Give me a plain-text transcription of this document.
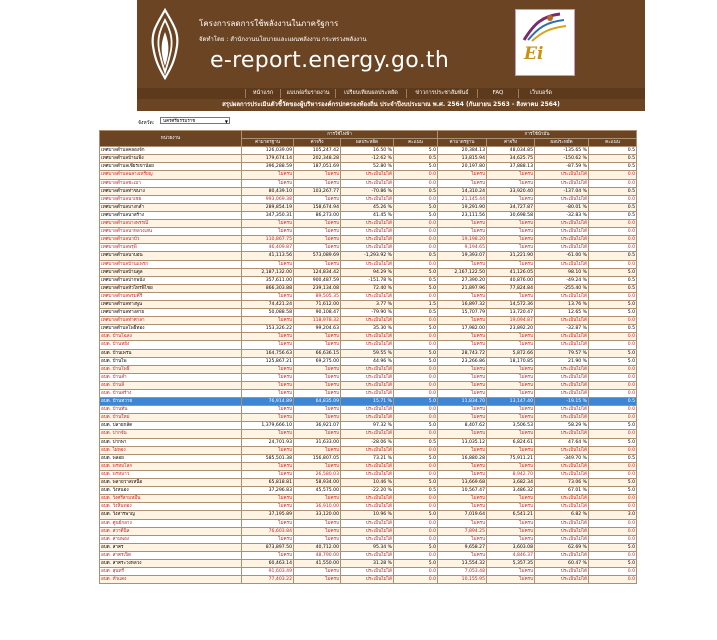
โครงการลดการใช้พลังงานในภาครัฐการ
จัดทำโดย : สำนักงานนโยบายและแผนพลังงาน กระทรวงพลังงาน
e-report.energy.go.th	Ei
หน้าแรก	แบบฟอร์มรายงาน	เปรียบเทียบผลประหยัด	ข่าวการประชาสัมพันธ์	FAQ	เว็บบอร์ด
สรุปผลการประเมินตัวชี้วัดของผู้บริหารองค์กรปกครองท้องถิ่น ประจำปีงบประมาณ พ.ศ. 2564 (กันยายน 2563 - สิงหาคม 2564)
จังหวัด:	นครศรีธรรมราช	▼
หน่วยงาน	การใช้ไฟฟ้า				การใช้น้ำมัน			
	ค่ามาตรฐาน	ค่าจริง	ผลประหยัด	คะแนน	ค่ามาตรฐาน	ค่าจริง	ผลประหยัด	คะแนน
เทศบาลตำบลคลองจัก	126,039.09	105,247.42	16.50 %	5.0	20,384.13	48,034.85	-135.65 %	0.5
เทศบาลตำบลบ้านเพิ่ง	179,674.14	202,348.28	-12.62 %	0.5	13,815.94	34,625.75	-150.62 %	0.5
เทศบาลตำบลเชียรเขาน้อย	396,288.59	187,051.69	52.80 %	5.0	20,197.80	37,888.13	-87.59 %	0.5
เทศบาลตำบลฉลางเหรียญ	ไม่ครบ	ไม่ครบ	ประเมินไม่ได้	0.0	ไม่ครบ	ไม่ครบ	ประเมินไม่ได้	0.0
เทศบาลตำบลชะเมา	ไม่ครบ	ไม่ครบ	ประเมินไม่ได้	0.0	ไม่ครบ	ไม่ครบ	ประเมินไม่ได้	0.0
เทศบาลตำบลท่าขนาง	80,439.10	103,267.77	-70.86 %	0.5	14,310.24	33,920.40	-137.04 %	0.5
เทศบาลตำบลนาเชย	993,069.38	ไม่ครบ	ประเมินไม่ได้	0.0	21,145.44	ไม่ครบ	ประเมินไม่ได้	0.0
เทศบาลตำบลบางกล่ำ	289,854.19	158,674.94	45.26 %	5.0	19,291.90	34,727.87	-80.01 %	0.5
เทศบาลตำบลนาสร้าง	347,350.31	86,273.00	41.45 %	5.0	23,111.56	30,698.58	-32.83 %	0.5
เทศบาลตำบลบางพรรณี	ไม่ครบ	ไม่ครบ	ประเมินไม่ได้	0.0	ไม่ครบ	ไม่ครบ	ประเมินไม่ได้	0.0
เทศบาลตำบลนาหลวงเสน	ไม่ครบ	ไม่ครบ	ประเมินไม่ได้	0.0	ไม่ครบ	ไม่ครบ	ประเมินไม่ได้	0.0
เทศบาลตำบลนาบัว	110,867.75	ไม่ครบ	ประเมินไม่ได้	0.0	19,198.20	ไม่ครบ	ประเมินไม่ได้	0.0
เทศบาลตำบลพรุพี	46,409.87	ไม่ครบ	ประเมินไม่ได้	0.0	9,194.65	ไม่ครบ	ประเมินไม่ได้	0.0
เทศบาลตำบลนาบอน	41,113.56	573,089.69	-1,293.92 %	0.5	19,393.07	31,221.90	-61.00 %	0.5
เทศบาลตำบลบ้านแพรก	ไม่ครบ	ไม่ครบ	ประเมินไม่ได้	0.0	ไม่ครบ	ไม่ครบ	ประเมินไม่ได้	0.0
เทศบาลตำบลบ้านตูล	2,187,132.00	124,834.42	94.29 %	5.0	2,167,122.50	41,126.05	98.10 %	5.0
เทศบาลตำบลปากพนัง	357,611.00	900,487.59	-151.78 %	0.5	27,390.20	40,876.00	-49.24 %	0.5
เทศบาลตำบลหัวไทรพิไชย	866,303.88	239,134.08	72.40 %	5.0	21,897.96	77,824.84	-255.40 %	0.5
เทศบาลตำบลพรมคีรี	ไม่ครบ	89,505.35	ประเมินไม่ได้	0.0	ไม่ครบ	ไม่ครบ	ประเมินไม่ได้	0.0
เทศบาลตำบลทางพูน	74,421.24	71,612.00	3.77 %	1.5	16,897.32	14,572.36	13.76 %	5.0
เทศบาลตำบลทางสาย	50,088.58	90,108.47	-79.90 %	0.5	15,707.79	13,720.47	12.65 %	5.0
เทศบาลตำบลท่าศาลา	ไม่ครบ	118,978.32	ประเมินไม่ได้	0.0	ไม่ครบ	19,094.87	ประเมินไม่ได้	0.0
เทศบาลตำบลโพธิ์ทอง	153,326.22	99,204.63	35.30 %	5.0	17,982.00	23,892.20	-32.87 %	0.5
อบต. บ้านโฉลง	ไม่ครบ	ไม่ครบ	ประเมินไม่ได้	0.0	ไม่ครบ	ไม่ครบ	ประเมินไม่ได้	0.0
อบต. บ้านหยั่ง	ไม่ครบ	ไม่ครบ	ประเมินไม่ได้	0.0	ไม่ครบ	ไม่ครบ	ประเมินไม่ได้	0.0
อบต. บ้านเพรน	164,756.63	66,636.15	59.55 %	5.0	28,743.72	5,872.66	79.57 %	5.0
อบต. บ้านไพ	125,867.21	69,275.00	44.96 %	5.0	23,266.86	18,170.85	21.90 %	5.0
อบต. บ้านโพธิ์	ไม่ครบ	ไม่ครบ	ประเมินไม่ได้	0.0	ไม่ครบ	ไม่ครบ	ประเมินไม่ได้	0.0
อบต. บ้านลำ	ไม่ครบ	ไม่ครบ	ประเมินไม่ได้	0.0	ไม่ครบ	ไม่ครบ	ประเมินไม่ได้	0.0
อบต. บ้านลี	ไม่ครบ	ไม่ครบ	ประเมินไม่ได้	0.0	ไม่ครบ	ไม่ครบ	ประเมินไม่ได้	0.0
อบต. บ้านสร้าง	ไม่ครบ	ไม่ครบ	ประเมินไม่ได้	0.0	ไม่ครบ	ไม่ครบ	ประเมินไม่ได้	0.0
อบต. บ้านทวาย	76,914.89	64,835.09	15.71 %	5.0	11,834.70	13,147.40	-19.15 %	0.5
อบต. บ้านทัน	ไม่ครบ	ไม่ครบ	ประเมินไม่ได้	0.0	ไม่ครบ	ไม่ครบ	ประเมินไม่ได้	0.0
อบต. บ้านใหม่	ไม่ครบ	ไม่ครบ	ประเมินไม่ได้	0.0	ไม่ครบ	ไม่ครบ	ประเมินไม่ได้	0.0
อบต. ปลายกลัด	1,379,666.10	36,921.07	97.32 %	5.0	8,407.62	3,506.53	58.29 %	5.0
อบต. ปากจัน	ไม่ครบ	ไม่ครบ	ประเมินไม่ได้	0.0	ไม่ครบ	ไม่ครบ	ประเมินไม่ได้	0.0
อบต. ปากพา	24,701.93	31,633.00	-28.06 %	0.5	13,035.12	6,824.61	47.64 %	5.0
อบต. ไผ่ทอง	ไม่ครบ	ไม่ครบ	ประเมินไม่ได้	0.0	ไม่ครบ	ไม่ครบ	ประเมินไม่ได้	0.0
อบต. พลอย	585,501.38	156,807.05	73.21 %	5.0	16,880.28	75,911.21	-349.70 %	0.5
อบต. พรหมโลก	ไม่ครบ	ไม่ครบ	ประเมินไม่ได้	0.0	ไม่ครบ	ไม่ครบ	ประเมินไม่ได้	0.0
อบต. พรหมาว	ไม่ครบ	26,580.03	ประเมินไม่ได้	0.0	ไม่ครบ	8,942.70	ประเมินไม่ได้	0.0
อบต. พลายวาสเหนือ	65,818.81	58,934.00	10.46 %	5.0	13,669.68	3,682.34	73.06 %	5.0
อบต. วังหนอง	37,296.83	45,575.00	-22.20 %	0.5	10,567.47	3,486.32	67.01 %	5.0
อบต. วังศรีสามหมื่น	ไม่ครบ	ไม่ครบ	ประเมินไม่ได้	0.0	ไม่ครบ	ไม่ครบ	ประเมินไม่ได้	0.0
อบต. วังหินทอง	ไม่ครบ	36,910.00	ประเมินไม่ได้	0.0	ไม่ครบ	ไม่ครบ	ประเมินไม่ได้	0.0
อบต. วังสารพาญ	37,195.89	33,120.00	10.96 %	5.0	7,019.64	6,541.21	6.82 %	3.0
อบต. ศูนย์กลาง	ไม่ครบ	ไม่ครบ	ประเมินไม่ได้	0.0	ไม่ครบ	ไม่ครบ	ประเมินไม่ได้	0.0
อบต. สวาดีนิล	76,603.84	ไม่ครบ	ประเมินไม่ได้	0.0	7,894.25	ไม่ครบ	ประเมินไม่ได้	0.0
อบต. สามพอง	ไม่ครบ	ไม่ครบ	ประเมินไม่ได้	0.0	ไม่ครบ	ไม่ครบ	ประเมินไม่ได้	0.0
อบต. สาคร	873,897.50	40,712.00	95.34 %	5.0	9,658.27	3,603.08	62.69 %	5.0
อบต. สาครเปิด	ไม่ครบ	48,790.00	ประเมินไม่ได้	0.0	ไม่ครบ	4,846.37	ประเมินไม่ได้	0.0
อบต. สาคระวงหลวง	60,463.14	41,550.00	31.28 %	5.0	13,554.32	5,357.35	60.47 %	5.0
อบต. สุนทรี	91,603.49	ไม่ครบ	ประเมินไม่ได้	0.0	7,053.48	ไม่ครบ	ประเมินไม่ได้	0.0
อบต. หัวแดง	77,403.22	ไม่ครบ	ประเมินไม่ได้	0.0	10,155.95	ไม่ครบ	ประเมินไม่ได้	0.0
